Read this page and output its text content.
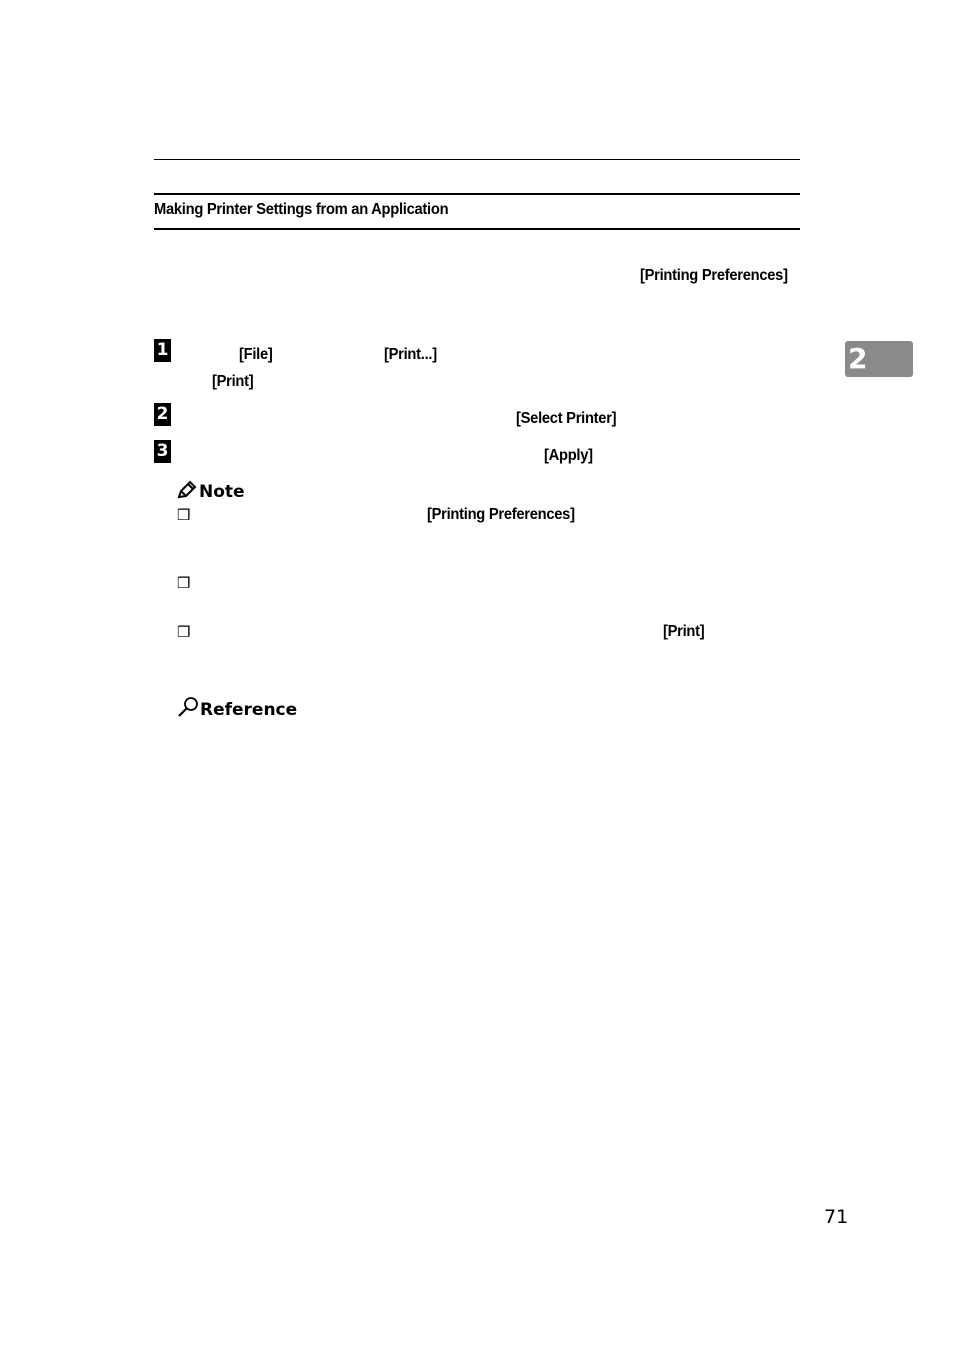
Making Printer Settings from an Application
[Printing Preferences]
2
1	[File]	[Print...]
[Print]
2	[Select Printer]
3	[Apply]
Note
❒	[Printing Preferences]
❒
❒	[Print]
Reference
71
